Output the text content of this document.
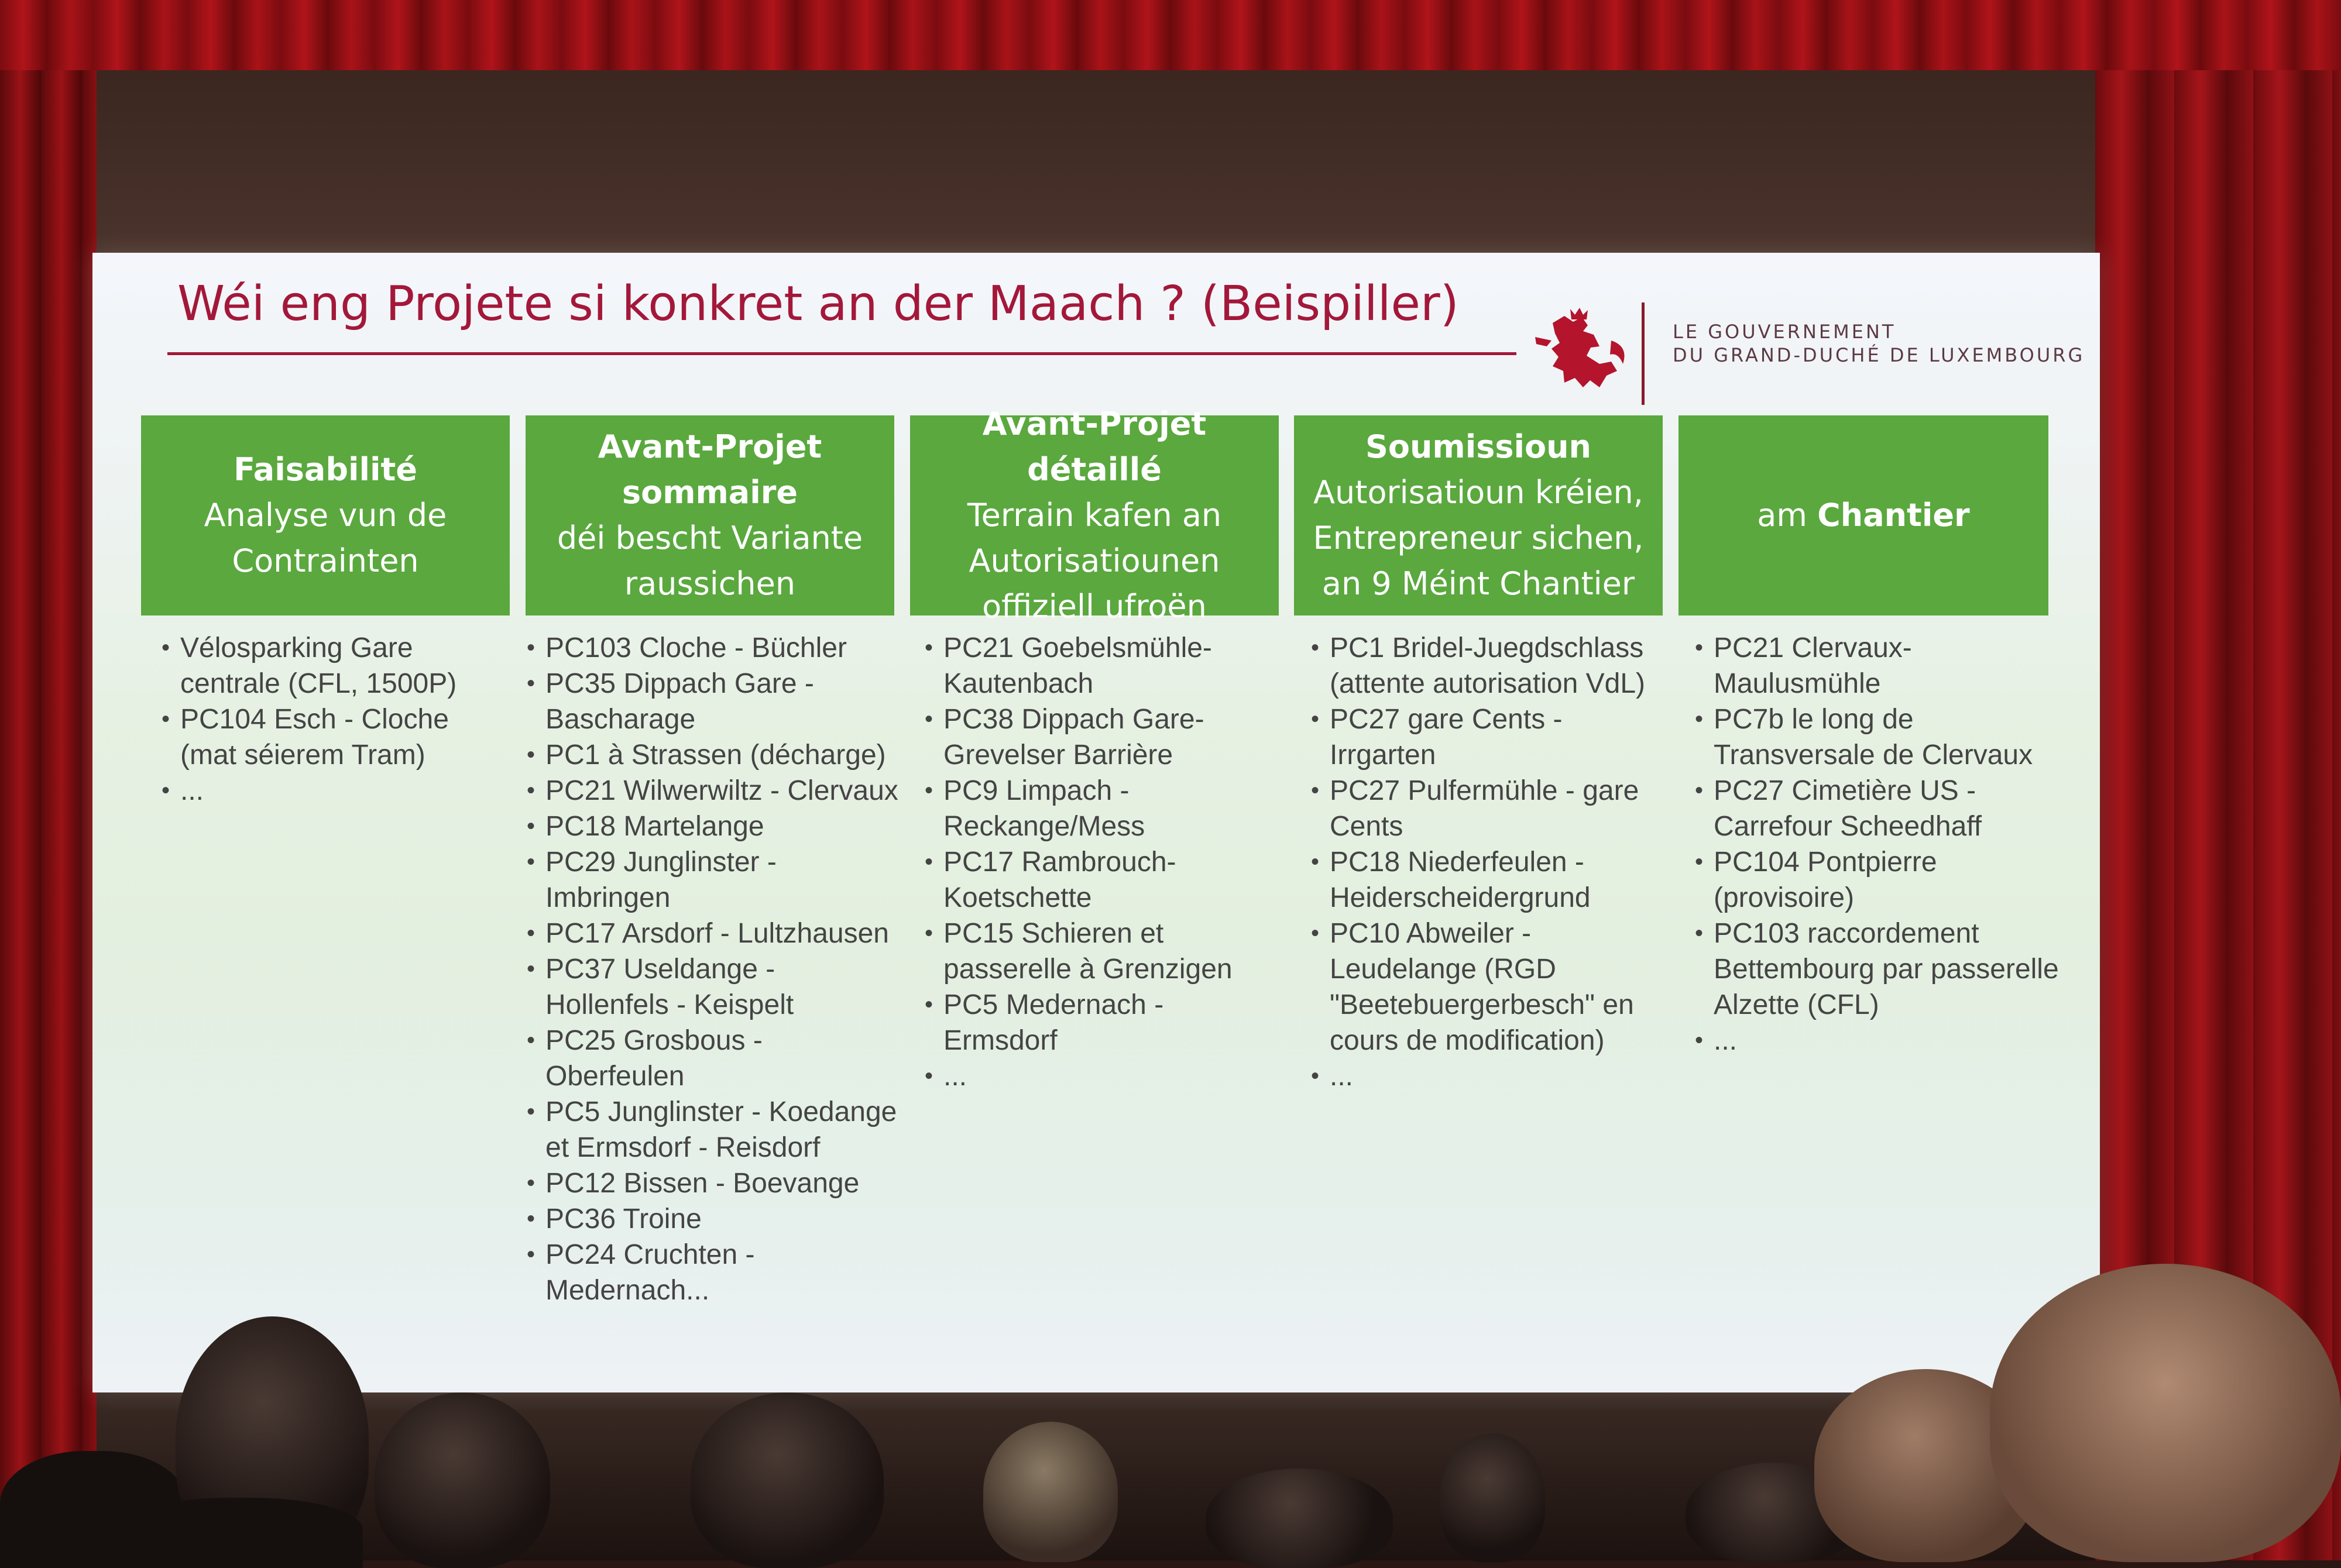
Wéi eng Projete si konkret an der Maach ? (Beispiller)	LE GOUVERNEMENT
DU GRAND-DUCHÉ DE LUXEMBOURG
Faisabilité
Analyse vun de Contrainten
Avant-Projet sommaire
déi bescht Variante raussichen
Avant-Projet détaillé
Terrain kafen an Autorisatiounen offiziell ufroën
Soumissioun
Autorisatioun kréien, Entrepreneur sichen, an 9 Méint Chantier
am Chantier
• Vélosparking Gare centrale (CFL, 1500P)
• PC104 Esch - Cloche (mat séierem Tram)
• ...
• PC103 Cloche - Büchler
• PC35 Dippach Gare - Bascharage
• PC1 à Strassen (décharge)
• PC21 Wilwerwiltz - Clervaux
• PC18 Martelange
• PC29 Junglinster - Imbringen
• PC17 Arsdorf - Lultzhausen
• PC37 Useldange - Hollenfels - Keispelt
• PC25 Grosbous - Oberfeulen
• PC5 Junglinster - Koedange et Ermsdorf - Reisdorf
• PC12 Bissen - Boevange
• PC36 Troine
• PC24 Cruchten - Medernach...
• PC21 Goebelsmühle-Kautenbach
• PC38 Dippach Gare-Grevelser Barrière
• PC9 Limpach - Reckange/Mess
• PC17 Rambrouch-Koetschette
• PC15 Schieren et passerelle à Grenzigen
• PC5 Medernach - Ermsdorf
• ...
• PC1 Bridel-Juegdschlass (attente autorisation VdL)
• PC27 gare Cents - Irrgarten
• PC27 Pulfermühle - gare Cents
• PC18 Niederfeulen - Heiderscheidergrund
• PC10 Abweiler - Leudelange (RGD "Beetebuergerbesch" en cours de modification)
• ...
• PC21 Clervaux-Maulusmühle
• PC7b le long de Transversale de Clervaux
• PC27 Cimetière US - Carrefour Scheedhaff
• PC104 Pontpierre (provisoire)
• PC103 raccordement Bettembourg par passerelle Alzette (CFL)
• ...
